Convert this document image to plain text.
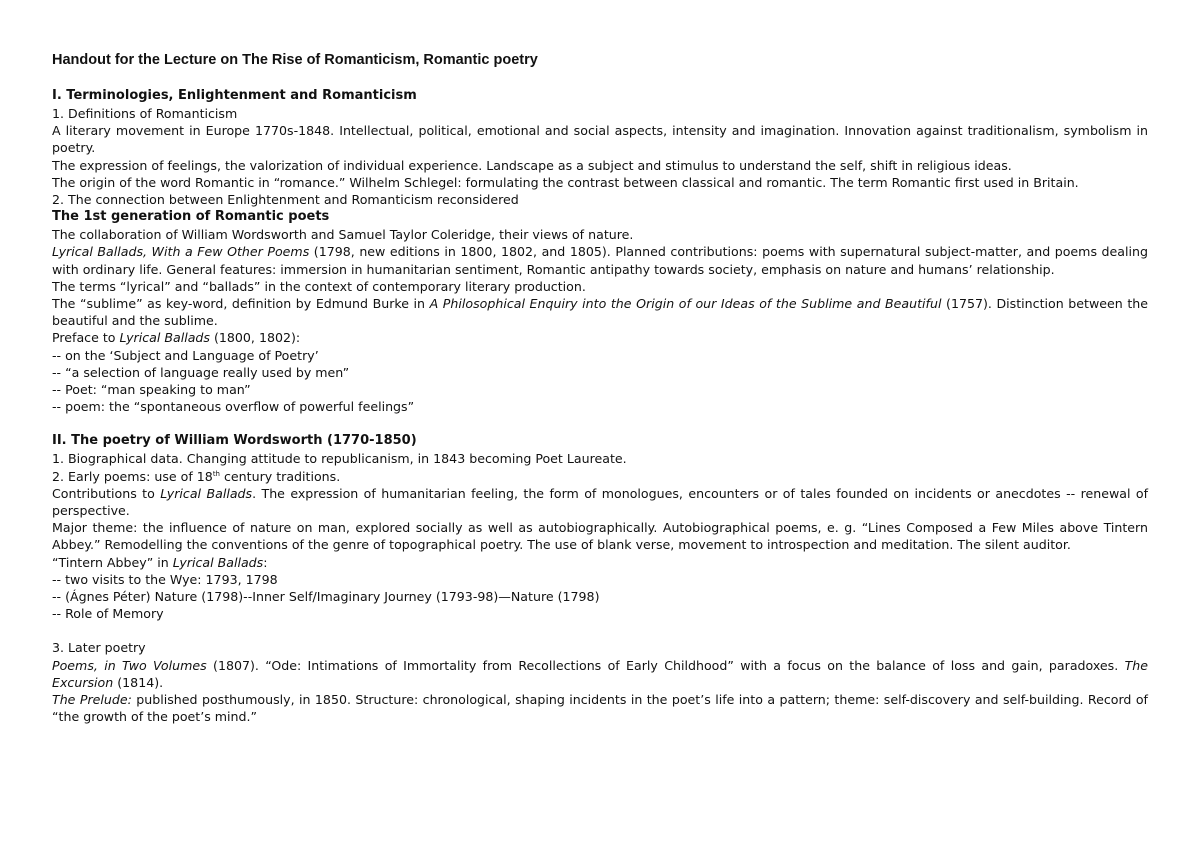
Handout for the Lecture on The Rise of Romanticism, Romantic poetry
I. Terminologies, Enlightenment and Romanticism
1. Definitions of Romanticism
A literary movement in Europe 1770s-1848. Intellectual, political, emotional and social aspects, intensity and imagination. Innovation against traditionalism, symbolism in poetry.
The expression of feelings, the valorization of individual experience. Landscape as a subject and stimulus to understand the self, shift in religious ideas.
The origin of the word Romantic in “romance.” Wilhelm Schlegel: formulating the contrast between classical and romantic. The term Romantic first used in Britain.
2. The connection between Enlightenment and Romanticism reconsidered
The 1st generation of Romantic poets
The collaboration of William Wordsworth and Samuel Taylor Coleridge, their views of nature.
Lyrical Ballads, With a Few Other Poems (1798, new editions in 1800, 1802, and 1805). Planned contributions: poems with supernatural subject-matter, and poems dealing with ordinary life. General features: immersion in humanitarian sentiment, Romantic antipathy towards society, emphasis on nature and humans’ relationship.
The terms “lyrical” and “ballads” in the context of contemporary literary production.
The “sublime” as key-word, definition by Edmund Burke in A Philosophical Enquiry into the Origin of our Ideas of the Sublime and Beautiful (1757). Distinction between the beautiful and the sublime.
Preface to Lyrical Ballads (1800, 1802):
-- on the ‘Subject and Language of Poetry’
-- “a selection of language really used by men”
-- Poet: “man speaking to man”
-- poem: the “spontaneous overflow of powerful feelings”
II. The poetry of William Wordsworth (1770-1850)
1. Biographical data. Changing attitude to republicanism, in 1843 becoming Poet Laureate.
2. Early poems: use of 18th century traditions.
Contributions to Lyrical Ballads. The expression of humanitarian feeling, the form of monologues, encounters or of tales founded on incidents or anecdotes -- renewal of perspective.
Major theme: the influence of nature on man, explored socially as well as autobiographically. Autobiographical poems, e. g. “Lines Composed a Few Miles above Tintern Abbey.” Remodelling the conventions of the genre of topographical poetry. The use of blank verse, movement to introspection and meditation. The silent auditor.
“Tintern Abbey” in Lyrical Ballads:
-- two visits to the Wye: 1793, 1798
-- (Ágnes Péter) Nature (1798)--Inner Self/Imaginary Journey (1793-98)—Nature (1798)
-- Role of Memory
3. Later poetry
Poems, in Two Volumes (1807). “Ode: Intimations of Immortality from Recollections of Early Childhood” with a focus on the balance of loss and gain, paradoxes. The Excursion (1814).
The Prelude: published posthumously, in 1850. Structure: chronological, shaping incidents in the poet’s life into a pattern; theme: self-discovery and self-building. Record of “the growth of the poet’s mind.”
